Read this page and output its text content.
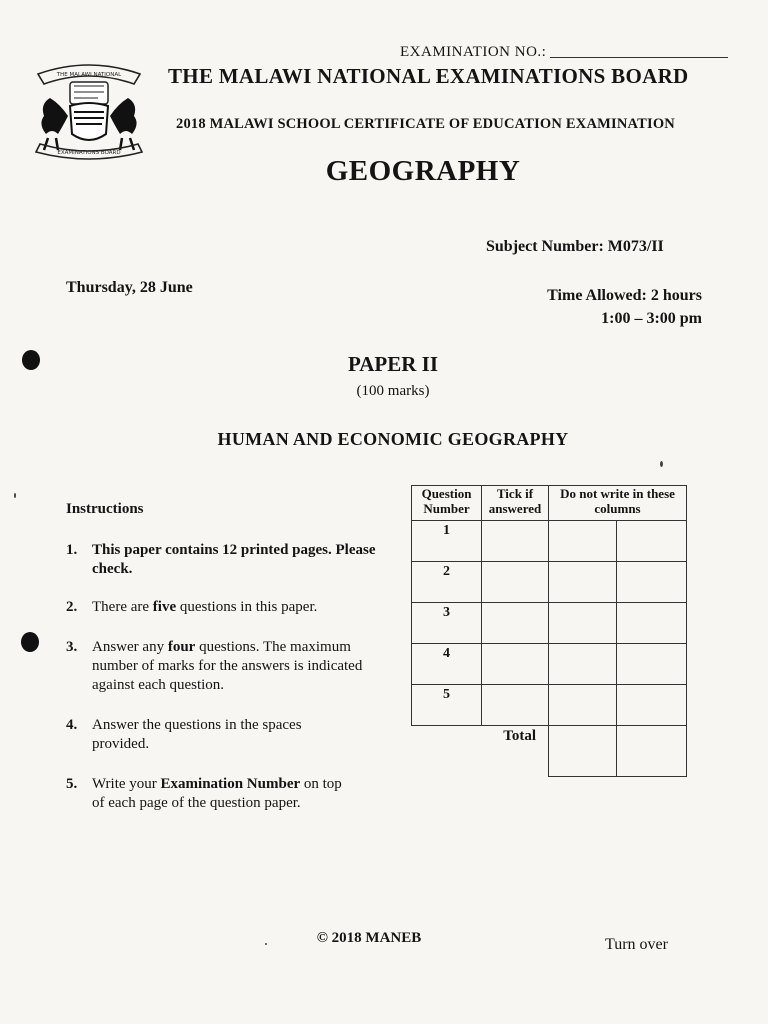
THE MALAWI NATIONAL
EXAMINATIONS BOARD
EXAMINATION NO.:
THE MALAWI NATIONAL EXAMINATIONS BOARD
2018 MALAWI SCHOOL CERTIFICATE OF EDUCATION EXAMINATION
GEOGRAPHY
Subject Number: M073/II
Thursday, 28 June	Time Allowed: 2 hours
1:00 – 3:00 pm
PAPER II
(100 marks)
HUMAN AND ECONOMIC GEOGRAPHY
Instructions
1. This paper contains 12 printed pages. Please check.
2. There are five questions in this paper.
3. Answer any four questions. The maximum number of marks for the answers is indicated against each question.
4. Answer the questions in the spaces provided.
5. Write your Examination Number on top of each page of the question paper.
Question Number	Tick if answered	Do not write in these columns	
1			
2			
3			
4			
5			
	Total		
© 2018 MANEB	Turn over
